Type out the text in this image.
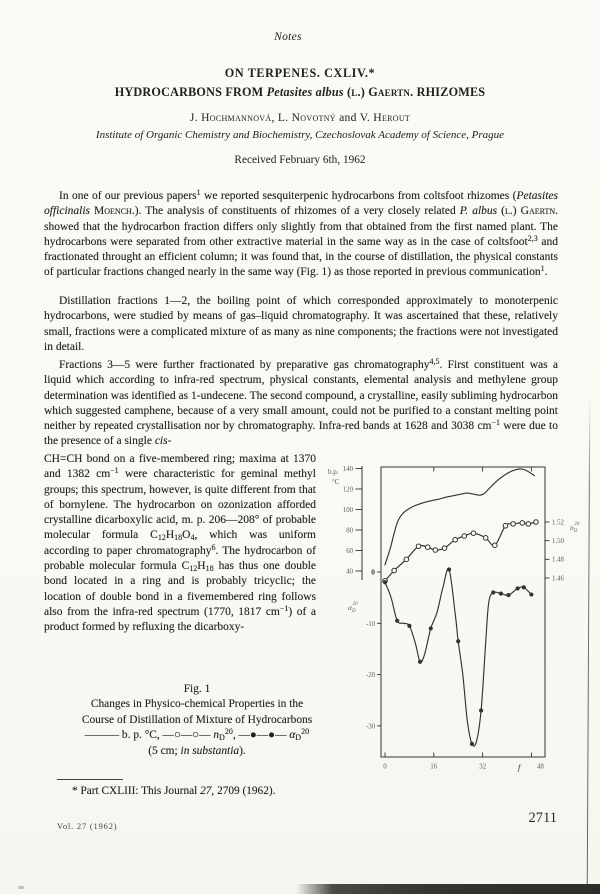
Notes
ON TERPENES. CXLIV.*
HYDROCARBONS FROM Petasites albus (l.) Gaertn. RHIZOMES
J. Hochmannová, L. Novotný and V. Herout
Institute of Organic Chemistry and Biochemistry, Czechoslovak Academy of Science, Prague
Received February 6th, 1962

In one of our previous papers$^1$ we reported sesquiterpenic hydrocarbons from coltsfoot rhizomes (Petasites officinalis Moench.). The analysis of constituents of rhizomes of a very closely related P. albus (l.) Gaertn. showed that the hydrocarbon fraction differs only slightly from that obtained from the first named plant. The hydrocarbons were separated from other extractive material in the same way as in the case of coltsfoot$^{2,3}$ and fractionated throught an efficient column; it was found that, in the course of distillation, the physical constants of particular fractions changed nearly in the same way (Fig. 1) as those reported in previous communication$^1$.

Distillation fractions 1—2, the boiling point of which corresponded approximately to monoterpenic hydrocarbons, were studied by means of gas–liquid chromatography. It was ascertained that these, relatively small, fractions were a complicated mixture of as many as nine components; the fractions were not investigated in detail.

Fractions 3—5 were further fractionated by preparative gas chromatography$^{4,5}$. First constituent was a liquid which according to infra-red spectrum, physical constants, elemental analysis and methylene group determination was identified as 1-undecene. The second compound, a crystalline, easily subliming hydrocarbon which suggested camphene, because of a very small amount, could not be purified to a constant melting point neither by repeated crystallisation nor by chromatography. Infra-red bands at 1628 and 3038 $cm^{-1}$ were due to the presence of a single cis-

CH=CH bond on a five-membered ring; maxima at 1370 and 1382 $cm^{-1}$ were characteristic for geminal methyl groups; this spectrum, however, is quite different from that of bornylene. The hydrocarbon on ozonization afforded crystalline dicarboxylic acid, m. p. 206—208° of probable molecular formula $C_{12}H_{18}O_4$, which was uniform according to paper chromatography$^6$. The hydrocarbon of probable molecular formula $C_{12}H_{18}$ has thus one double bond located in a ring and is probably tricyclic; the location of double bond in a fivemembered ring follows also from the infra-red spectrum (1770, 1817 $cm^{-1}$) of a product formed by refluxing the dicarboxy-

140
120
100
80
60
40
b.p.
°C
0
-10
-20
-30
$\alpha_D20$
1.52
1.50
1.48
1.46
$n_D20$
0	16	32	48
f
Fig. 1
Changes in Physico-chemical Properties in the
Course of Distillation of Mixture of Hydrocarbons
——— b. p. °C, —○—○— $n_D^{20}$, —●—●— $\alpha_D^{20}$
(5 cm; in substantia).

* Part CXLIII: This Journal 27, 2709 (1962).

Vol. 27 (1962)	2711
